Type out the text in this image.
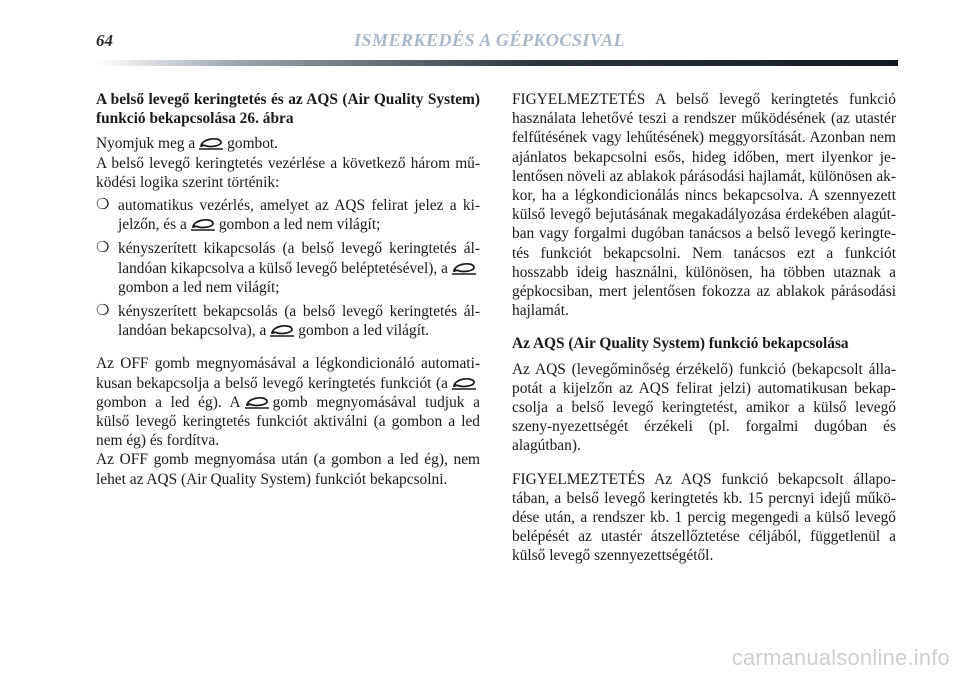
64	ISMERKEDÉS A GÉPKOCSIVAL

A belső levegő keringtetés és az AQS (Air Quality System) funkció bekapcsolása 26. ábra

Nyomjuk meg a gombot.

A belső levegő keringtetés vezérlése a következő három mű-ködési logika szerint történik:

❍ automatikus vezérlés, amelyet az AQS felirat jelez a ki-jelzőn, és a gombon a led nem világít;
❍ kényszerített kikapcsolás (a belső levegő keringtetés ál-landóan kikapcsolva a külső levegő beléptetésével), agombon a led nem világít;
❍ kényszerített bekapcsolás (a belső levegő keringtetés ál-landóan bekapcsolva), a gombon a led világít.

Az OFF gomb megnyomásával a légkondicionáló automati-kusan bekapcsolja a belső levegő keringtetés funkciót (agombon a led ég). A gomb megnyomásával tudjuk a külső levegő keringtetés funkciót aktiválni (a gombon a led nem ég) és fordítva.

Az OFF gomb megnyomása után (a gombon a led ég), nem lehet az AQS (Air Quality System) funkciót bekapcsolni.

FIGYELMEZTETÉS A belső levegő keringtetés funkció használata lehetővé teszi a rendszer működésének (az utastér felfűtésének vagy lehűtésének) meggyorsítását. Azonban nem ajánlatos bekapcsolni esős, hideg időben, mert ilyenkor je-lentősen növeli az ablakok párásodási hajlamát, különösen ak-kor, ha a légkondicionálás nincs bekapcsolva. A szennyezett külső levegő bejutásának megakadályozása érdekében alagút-ban vagy forgalmi dugóban tanácsos a belső levegő keringte-tés funkciót bekapcsolni. Nem tanácsos ezt a funkciót hosszabb ideig használni, különösen, ha többen utaznak a gépkocsiban, mert jelentősen fokozza az ablakok párásodási hajlamát.

Az AQS (Air Quality System) funkció bekapcsolása

Az AQS (levegőminőség érzékelő) funkció (bekapcsolt álla-potát a kijelzőn az AQS felirat jelzi) automatikusan bekap-csolja a belső levegő keringtetést, amikor a külső levegő szeny-nyezettségét érzékeli (pl. forgalmi dugóban és alagútban).

FIGYELMEZTETÉS Az AQS funkció bekapcsolt állapo-tában, a belső levegő keringtetés kb. 15 percnyi idejű műkö-dése után, a rendszer kb. 1 percig megengedi a külső levegő belépését az utastér átszellőztetése céljából, függetlenül a külső levegő szennyezettségétől.

carmanualsonline.info
